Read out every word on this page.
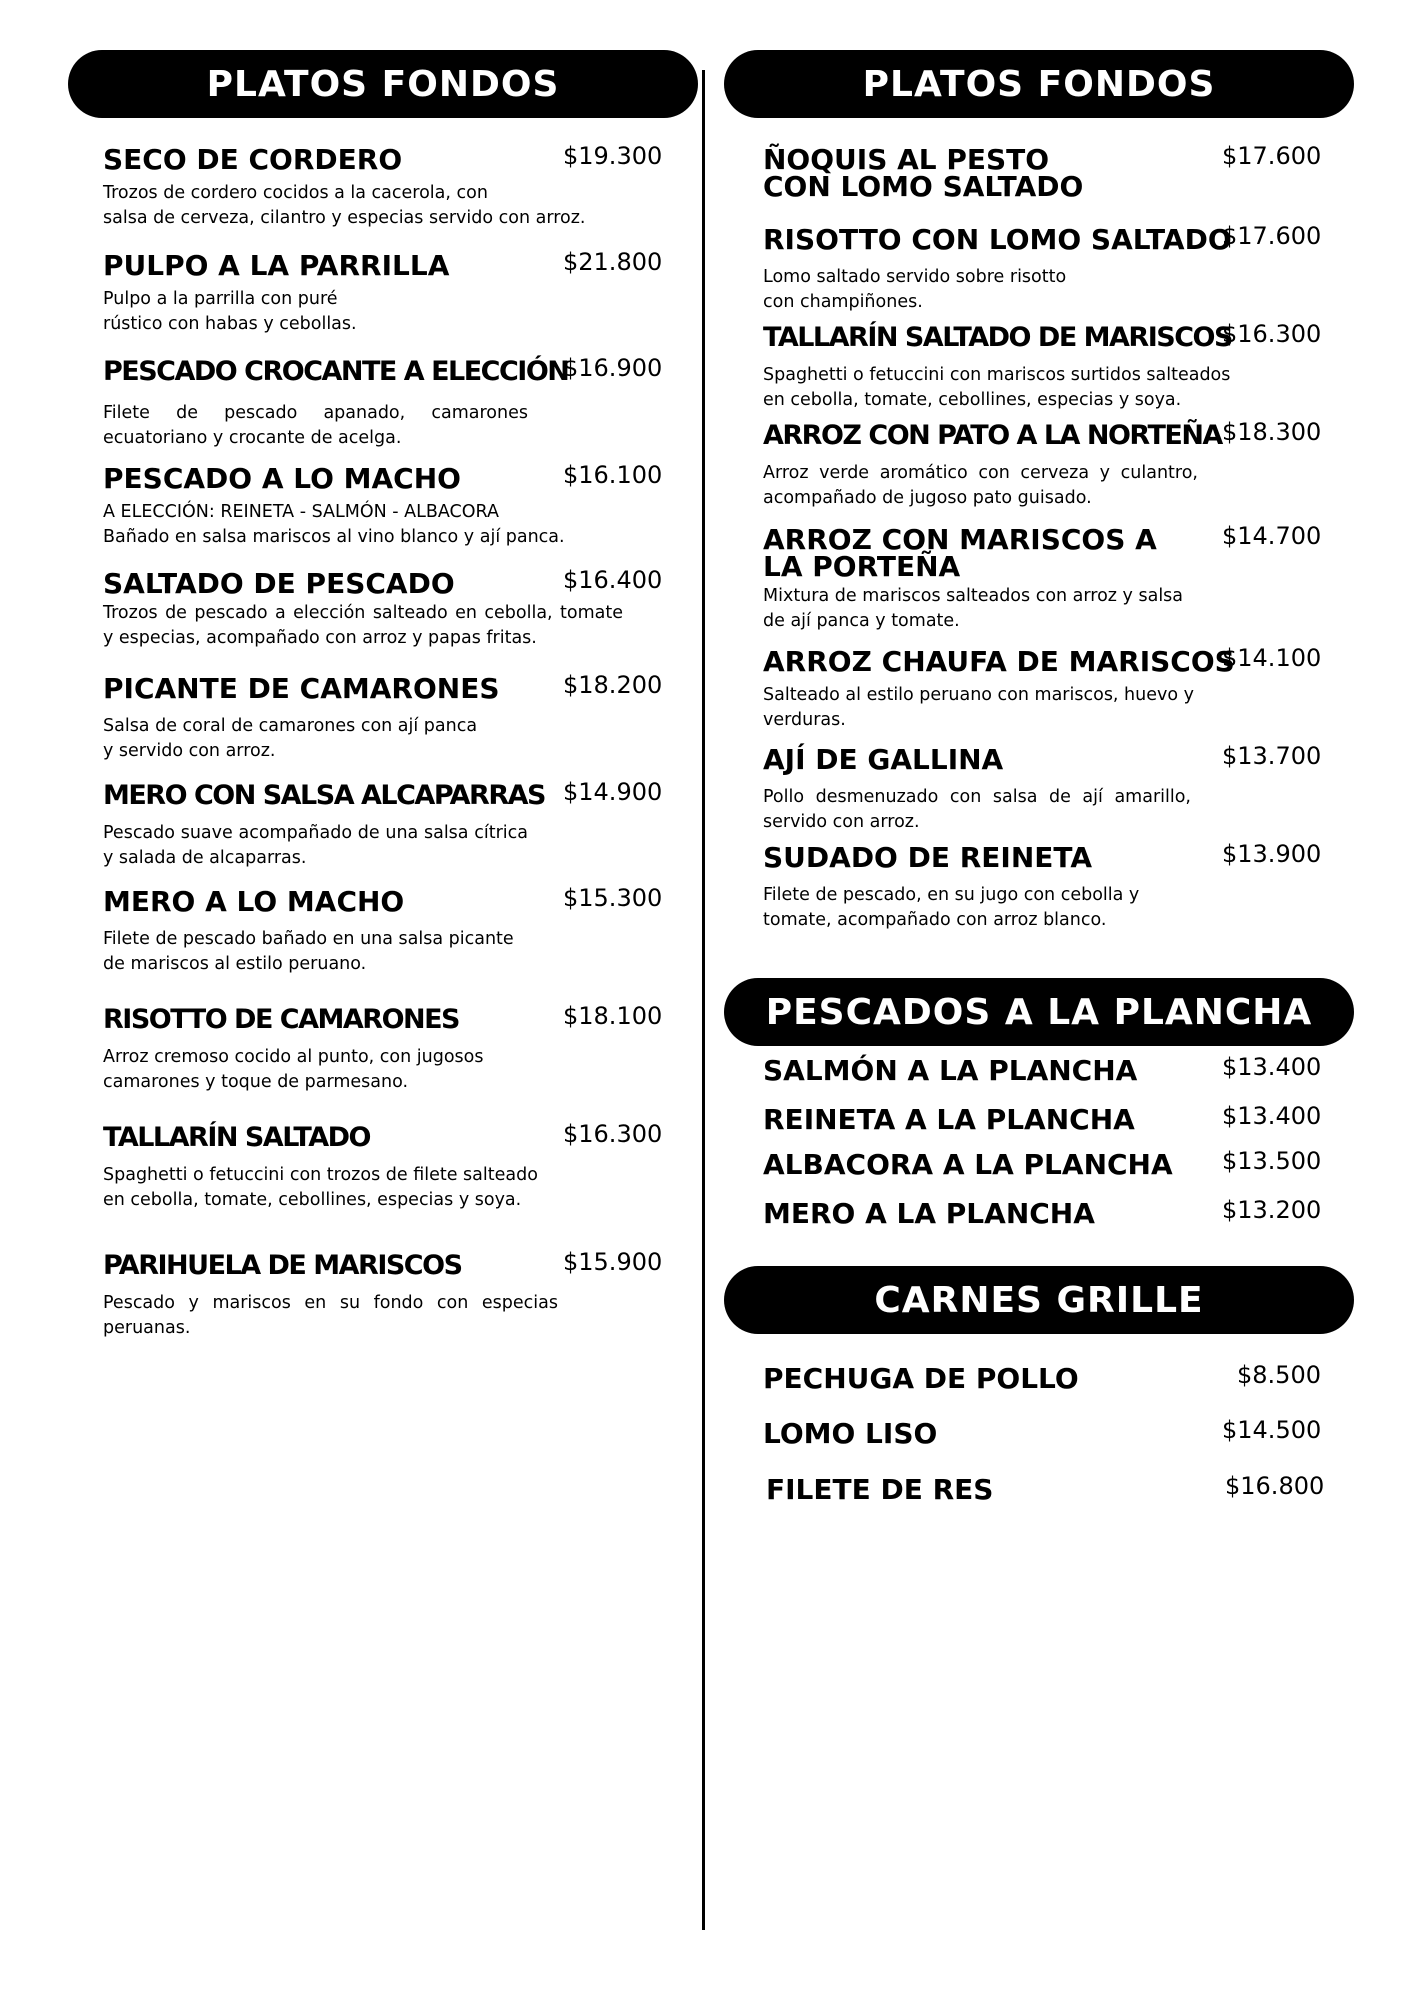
PLATOS FONDOS	PLATOS FONDOS
PESCADOS A LA PLANCHA
CARNES GRILLE
SECO DE CORDERO
Trozos de cordero cocidos a la cacerola, con
salsa de cerveza, cilantro y especias servido con arroz.
$19.300
PULPO A LA PARRILLA
Pulpo a la parrilla con puré
rústico con habas y cebollas.
$21.800
PESCADO CROCANTE A ELECCIÓN
Filete de pescado apanado, camarones ecuatoriano y crocante de acelga.
$16.900
PESCADO A LO MACHO
A ELECCIÓN: REINETA - SALMÓN - ALBACORA
Bañado en salsa mariscos al vino blanco y ají panca.
$16.100
SALTADO DE PESCADO
Trozos de pescado a elección salteado en cebolla, tomate y especias, acompañado con arroz y papas fritas.
$16.400
PICANTE DE CAMARONES
Salsa de coral de camarones con ají panca
y servido con arroz.
$18.200
MERO CON SALSA ALCAPARRAS
Pescado suave acompañado de una salsa cítrica y salada de alcaparras.
$14.900
MERO A LO MACHO
Filete de pescado bañado en una salsa picante
de mariscos al estilo peruano.
$15.300
RISOTTO DE CAMARONES
Arroz cremoso cocido al punto, con jugosos
camarones y toque de parmesano.
$18.100
TALLARÍN SALTADO
Spaghetti o fetuccini con trozos de filete salteado
en cebolla, tomate, cebollines, especias y soya.
$16.300
PARIHUELA DE MARISCOS
Pescado y mariscos en su fondo con especias peruanas.
$15.900
ÑOQUIS AL PESTO CON LOMO SALTADO
$17.600
RISOTTO CON LOMO SALTADO
Lomo saltado servido sobre risotto
con champiñones.
$17.600
TALLARÍN SALTADO DE MARISCOS
Spaghetti o fetuccini con mariscos surtidos salteados
en cebolla, tomate, cebollines, especias y soya.
$16.300
ARROZ CON PATO A LA NORTEÑA
Arroz verde aromático con cerveza y culantro, acompañado de jugoso pato guisado.
$18.300
ARROZ CON MARISCOS A LA PORTEÑA
Mixtura de mariscos salteados con arroz y salsa
de ají panca y tomate.
$14.700
ARROZ CHAUFA DE MARISCOS
Salteado al estilo peruano con mariscos, huevo y
verduras.
$14.100
AJÍ DE GALLINA
Pollo desmenuzado con salsa de ají amarillo, servido con arroz.
$13.700
SUDADO DE REINETA
Filete de pescado, en su jugo con cebolla y
tomate, acompañado con arroz blanco.
$13.900
SALMÓN A LA PLANCHA	$13.400
REINETA A LA PLANCHA	$13.400
ALBACORA A LA PLANCHA $13.500
MERO A LA PLANCHA	$13.200
PECHUGA DE POLLO	$8.500
LOMO LISO	$14.500
FILETE DE RES	$16.800
